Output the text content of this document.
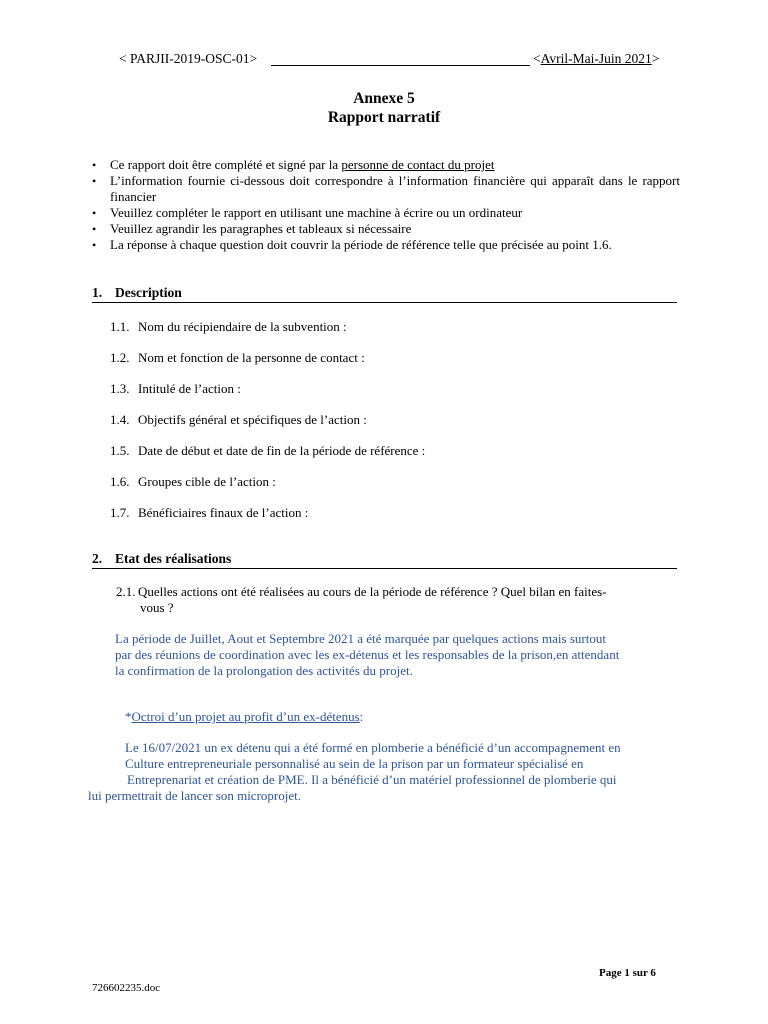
< PARJII-2019-OSC-01>	<Avril-Mai-Juin 2021>
Annexe 5
Rapport narratif
• Ce rapport doit être complété et signé par la personne de contact du projet
• L’information fournie ci-dessous doit correspondre à l’information financière qui apparaît dans le rapport financier
• Veuillez compléter le rapport en utilisant une machine à écrire ou un ordinateur
• Veuillez agrandir les paragraphes et tableaux si nécessaire
• La réponse à chaque question doit couvrir la période de référence telle que précisée au point 1.6.
1. Description
1.1. Nom du récipiendaire de la subvention :
1.2. Nom et fonction de la personne de contact :
1.3. Intitulé de l’action :
1.4. Objectifs général et spécifiques de l’action :
1.5. Date de début et date de fin de la période de référence :
1.6. Groupes cible de l’action :
1.7. Bénéficiaires finaux de l’action :
2. Etat des réalisations
2.1. Quelles actions ont été réalisées au cours de la période de référence ? Quel bilan en faites-
vous ?
La période de Juillet, Aout et Septembre 2021 a été marquée par quelques actions mais surtout
par des réunions de coordination avec les ex-détenus et les responsables de la prison,en attendant
la confirmation de la prolongation des activités du projet.
*Octroi d’un projet au profit d’un ex-détenus:
Le 16/07/2021 un ex détenu qui a été formé en plomberie a bénéficié d’un accompagnement en
Culture entrepreneuriale personnalisé au sein de la prison par un formateur spécialisé en
Entreprenariat et création de PME. Il a bénéficié d’un matériel professionnel de plomberie qui
lui permettrait de lancer son microprojet.
Page 1 sur 6
726602235.doc
